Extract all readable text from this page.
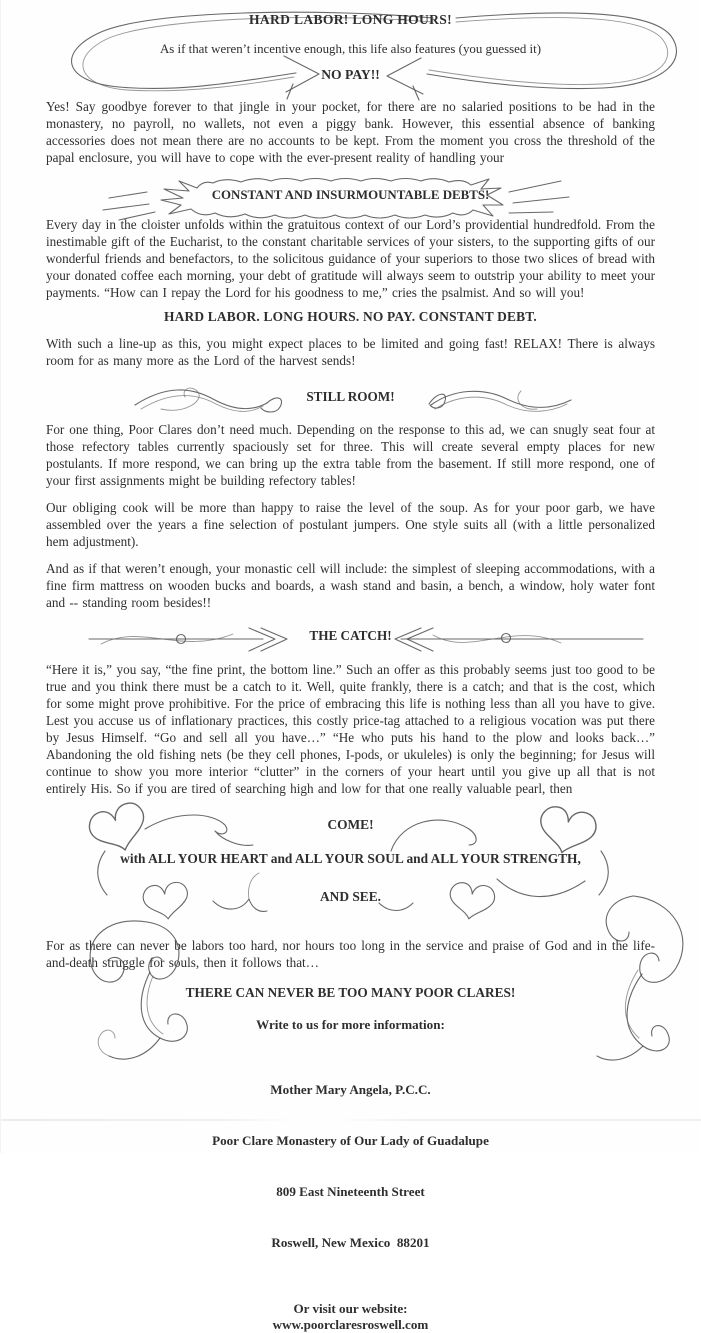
HARD LABOR! LONG HOURS!
As if that weren’t incentive enough, this life also features (you guessed it)
NO PAY!!

Yes! Say goodbye forever to that jingle in your pocket, for there are no salaried positions to be had in the monastery, no payroll, no wallets, not even a piggy bank. However, this essential absence of banking accessories does not mean there are no accounts to be kept. From the moment you cross the threshold of the papal enclosure, you will have to cope with the ever-present reality of handling your

CONSTANT AND INSURMOUNTABLE DEBTS!

Every day in the cloister unfolds within the gratuitous context of our Lord’s providential hundredfold. From the inestimable gift of the Eucharist, to the constant charitable services of your sisters, to the supporting gifts of our wonderful friends and benefactors, to the solicitous guidance of your superiors to those two slices of bread with your donated coffee each morning, your debt of gratitude will always seem to outstrip your ability to meet your payments. “How can I repay the Lord for his goodness to me,” cries the psalmist. And so will you!

HARD LABOR. LONG HOURS. NO PAY. CONSTANT DEBT.

With such a line-up as this, you might expect places to be limited and going fast! RELAX! There is always room for as many more as the Lord of the harvest sends!

STILL ROOM!

For one thing, Poor Clares don’t need much. Depending on the response to this ad, we can snugly seat four at those refectory tables currently spaciously set for three. This will create several empty places for new postulants. If more respond, we can bring up the extra table from the basement. If still more respond, one of your first assignments might be building refectory tables!

Our obliging cook will be more than happy to raise the level of the soup. As for your poor garb, we have assembled over the years a fine selection of postulant jumpers. One style suits all (with a little personalized hem adjustment).

And as if that weren’t enough, your monastic cell will include: the simplest of sleeping accommodations, with a fine firm mattress on wooden bucks and boards, a wash stand and basin, a bench, a window, holy water font and -- standing room besides!!

THE CATCH!

“Here it is,” you say, “the fine print, the bottom line.” Such an offer as this probably seems just too good to be true and you think there must be a catch to it. Well, quite frankly, there is a catch; and that is the cost, which for some might prove prohibitive. For the price of embracing this life is nothing less than all you have to give. Lest you accuse us of inflationary practices, this costly price-tag attached to a religious vocation was put there by Jesus Himself. “Go and sell all you have…” “He who puts his hand to the plow and looks back…” Abandoning the old fishing nets (be they cell phones, I-pods, or ukuleles) is only the beginning; for Jesus will continue to show you more interior “clutter” in the corners of your heart until you give up all that is not entirely His. So if you are tired of searching high and low for that one really valuable pearl, then

COME!
with ALL YOUR HEART and ALL YOUR SOUL and ALL YOUR STRENGTH,
AND SEE.

For as there can never be labors too hard, nor hours too long in the service and praise of God and in the life-and-death struggle for souls, then it follows that…

THERE CAN NEVER BE TOO MANY POOR CLARES!
Write to us for more information:

Mother Mary Angela, P.C.C.

Poor Clare Monastery of Our Lady of Guadalupe

809 East Nineteenth Street

Roswell, New Mexico  88201

Or visit our website:
www.poorclaresroswell.com
